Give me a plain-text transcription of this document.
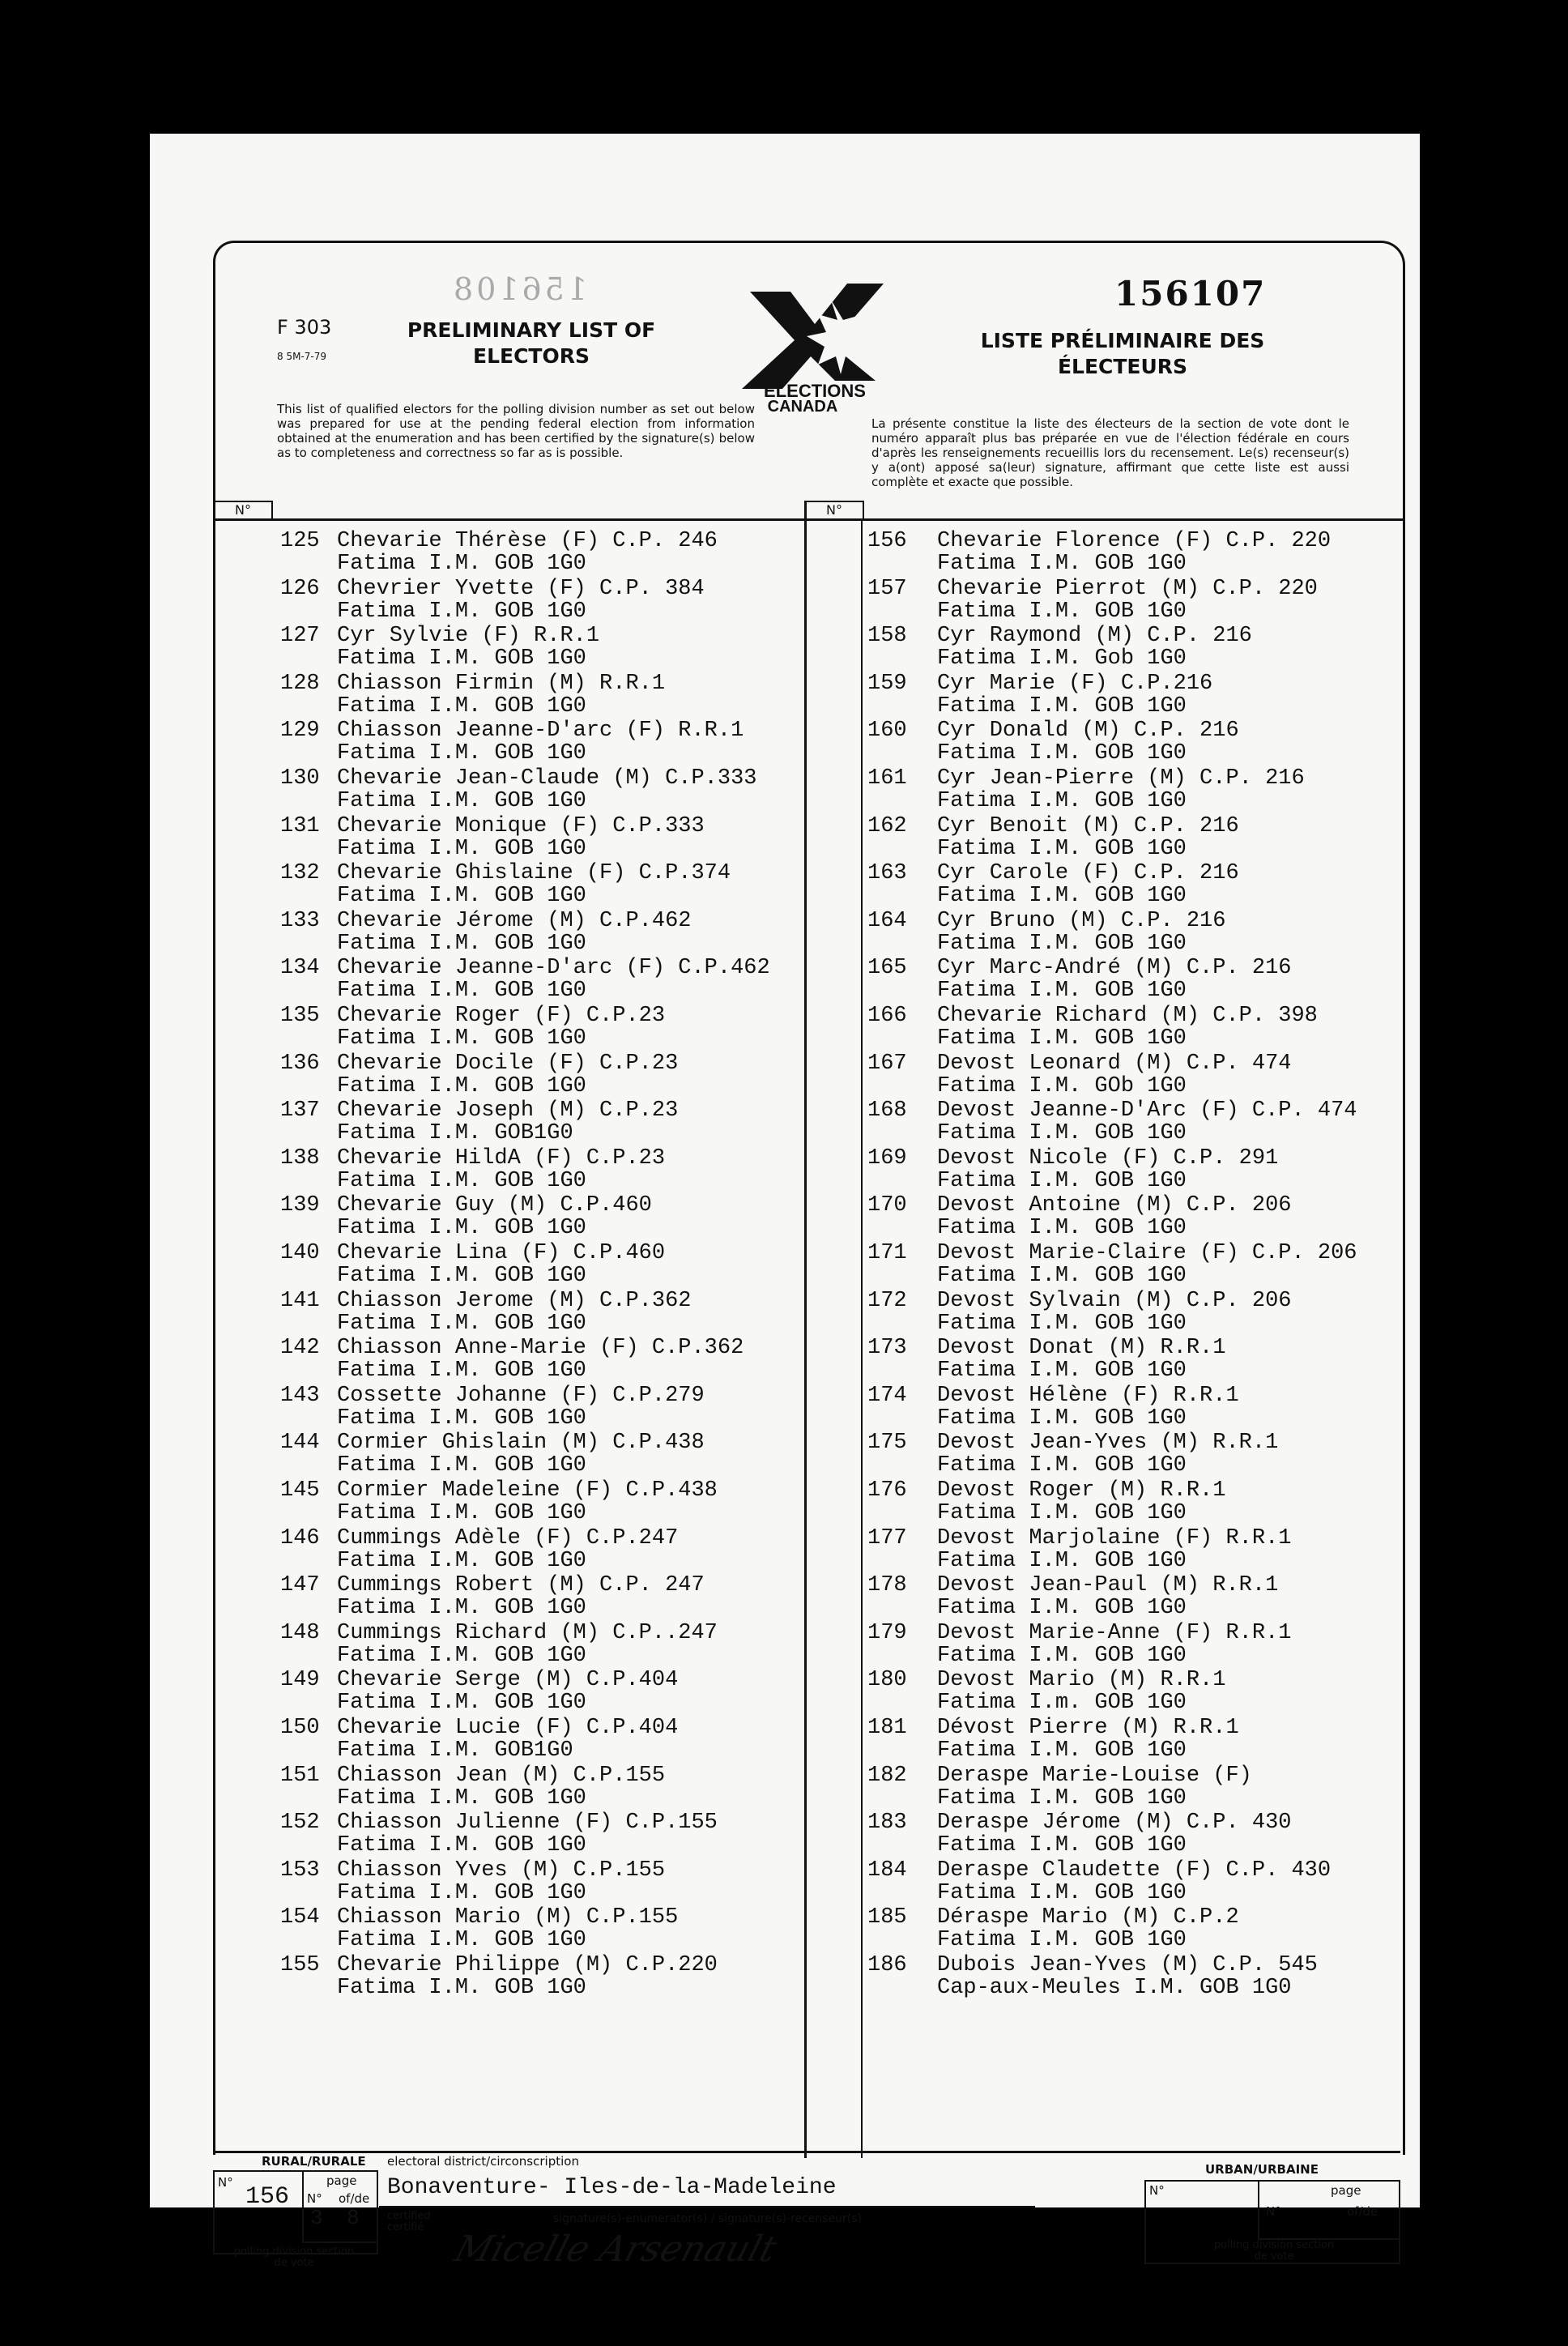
156108
F 303
8 5M-7-79
PRELIMINARY LIST OF ELECTORS
ELECTIONS
CANADA
156107
LISTE PRÉLIMINAIRE DES ÉLECTEURS
This list of qualified electors for the polling division number as set out below was prepared for use at the pending federal election from information obtained at the enumeration and has been certified by the signature(s) below as to completeness and correctness so far as is possible.
La présente constitue la liste des électeurs de la section de vote dont le numéro apparaît plus bas préparée en vue de l'élection fédérale en cours d'après les renseignements recueillis lors du recensement. Le(s) recenseur(s) y a(ont) apposé sa(leur) signature, affirmant que cette liste est aussi complète et exacte que possible.
N°	N°
125 Chevarie Thérèse (F) C.P. 246
Fatima I.M. GOB 1G0
126 Chevrier Yvette (F) C.P. 384
Fatima I.M. GOB 1G0
127 Cyr Sylvie (F) R.R.1
Fatima I.M. GOB 1G0
128 Chiasson Firmin (M) R.R.1
Fatima I.M. GOB 1G0
129 Chiasson Jeanne-D'arc (F) R.R.1
Fatima I.M. GOB 1G0
130 Chevarie Jean-Claude (M) C.P.333
Fatima I.M. GOB 1G0
131 Chevarie Monique (F) C.P.333
Fatima I.M. GOB 1G0
132 Chevarie Ghislaine (F) C.P.374
Fatima I.M. GOB 1G0
133 Chevarie Jérome (M) C.P.462
Fatima I.M. GOB 1G0
134 Chevarie Jeanne-D'arc (F) C.P.462
Fatima I.M. GOB 1G0
135 Chevarie Roger (F) C.P.23
Fatima I.M. GOB 1G0
136 Chevarie Docile (F) C.P.23
Fatima I.M. GOB 1G0
137 Chevarie Joseph (M) C.P.23
Fatima I.M. GOB1G0
138 Chevarie HildA (F) C.P.23
Fatima I.M. GOB 1G0
139 Chevarie Guy (M) C.P.460
Fatima I.M. GOB 1G0
140 Chevarie Lina (F) C.P.460
Fatima I.M. GOB 1G0
141 Chiasson Jerome (M) C.P.362
Fatima I.M. GOB 1G0
142 Chiasson Anne-Marie (F) C.P.362
Fatima I.M. GOB 1G0
143 Cossette Johanne (F) C.P.279
Fatima I.M. GOB 1G0
144 Cormier Ghislain (M) C.P.438
Fatima I.M. GOB 1G0
145 Cormier Madeleine (F) C.P.438
Fatima I.M. GOB 1G0
146 Cummings Adèle (F) C.P.247
Fatima I.M. GOB 1G0
147 Cummings Robert (M) C.P. 247
Fatima I.M. GOB 1G0
148 Cummings Richard (M) C.P..247
Fatima I.M. GOB 1G0
149 Chevarie Serge (M) C.P.404
Fatima I.M. GOB 1G0
150 Chevarie Lucie (F) C.P.404
Fatima I.M. GOB1G0
151 Chiasson Jean (M) C.P.155
Fatima I.M. GOB 1G0
152 Chiasson Julienne (F) C.P.155
Fatima I.M. GOB 1G0
153 Chiasson Yves (M) C.P.155
Fatima I.M. GOB 1G0
154 Chiasson Mario (M) C.P.155
Fatima I.M. GOB 1G0
155 Chevarie Philippe (M) C.P.220
Fatima I.M. GOB 1G0
156	Chevarie Florence (F) C.P. 220
Fatima I.M. GOB 1G0
157	Chevarie Pierrot (M) C.P. 220
Fatima I.M. GOB 1G0
158	Cyr Raymond (M) C.P. 216
Fatima I.M. Gob 1G0
159	Cyr Marie (F) C.P.216
Fatima I.M. GOB 1G0
160	Cyr Donald (M) C.P. 216
Fatima I.M. GOB 1G0
161	Cyr Jean-Pierre (M) C.P. 216
Fatima I.M. GOB 1G0
162	Cyr Benoit (M) C.P. 216
Fatima I.M. GOB 1G0
163	Cyr Carole (F) C.P. 216
Fatima I.M. GOB 1G0
164	Cyr Bruno (M) C.P. 216
Fatima I.M. GOB 1G0
165	Cyr Marc-André (M) C.P. 216
Fatima I.M. GOB 1G0
166	Chevarie Richard (M) C.P. 398
Fatima I.M. GOB 1G0
167	Devost Leonard (M) C.P. 474
Fatima I.M. GOb 1G0
168	Devost Jeanne-D'Arc (F) C.P. 474
Fatima I.M. GOB 1G0
169	Devost Nicole (F) C.P. 291
Fatima I.M. GOB 1G0
170	Devost Antoine (M) C.P. 206
Fatima I.M. GOB 1G0
171	Devost Marie-Claire (F) C.P. 206
Fatima I.M. GOB 1G0
172	Devost Sylvain (M) C.P. 206
Fatima I.M. GOB 1G0
173	Devost Donat (M) R.R.1
Fatima I.M. GOB 1G0
174	Devost Hélène (F) R.R.1
Fatima I.M. GOB 1G0
175	Devost Jean-Yves (M) R.R.1
Fatima I.M. GOB 1G0
176	Devost Roger (M) R.R.1
Fatima I.M. GOB 1G0
177	Devost Marjolaine (F) R.R.1
Fatima I.M. GOB 1G0
178	Devost Jean-Paul (M) R.R.1
Fatima I.M. GOB 1G0
179	Devost Marie-Anne (F) R.R.1
Fatima I.M. GOB 1G0
180	Devost Mario (M) R.R.1
Fatima I.m. GOB 1G0
181	Dévost Pierre (M) R.R.1
Fatima I.M. GOB 1G0
182	Deraspe Marie-Louise (F)
Fatima I.M. GOB 1G0
183	Deraspe Jérome (M) C.P. 430
Fatima I.M. GOB 1G0
184	Deraspe Claudette (F) C.P. 430
Fatima I.M. GOB 1G0
185	Déraspe Mario (M) C.P.2
Fatima I.M. GOB 1G0
186	Dubois Jean-Yves (M) C.P. 545
Cap-aux-Meules I.M. GOB 1G0
RURAL/RURALE
N°
156
page
N° of/de
3 8
polling division section de vote
electoral district/circonscription
Bonaventure- Iles-de-la-Madeleine
certified certifié
signature(s)-enumerator(s) / signature(s)-recenseur(s)
Micelle Arsenault
URBAN/URBAINE
N°	page
N°	of/de
polling division section de vote
